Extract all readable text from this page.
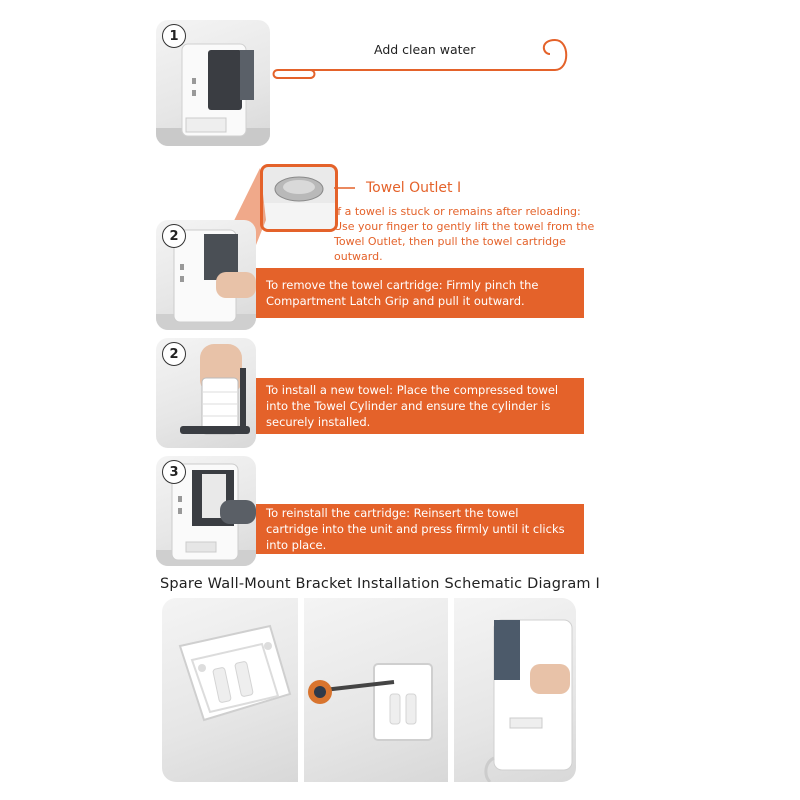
1
Add clean water
Towel Outlet I
If a towel is stuck or remains after reloading: Use your finger to gently lift the towel from the Towel Outlet, then pull the towel cartridge outward.
2
To remove the towel cartridge: Firmly pinch the Compartment Latch Grip and pull it outward.
2
To install a new towel: Place the compressed towel into the Towel Cylinder and ensure the cylinder is securely installed.
3
To reinstall the cartridge: Reinsert the towel cartridge into the unit and press firmly until it clicks into place.
Spare Wall-Mount Bracket Installation Schematic Diagram I
